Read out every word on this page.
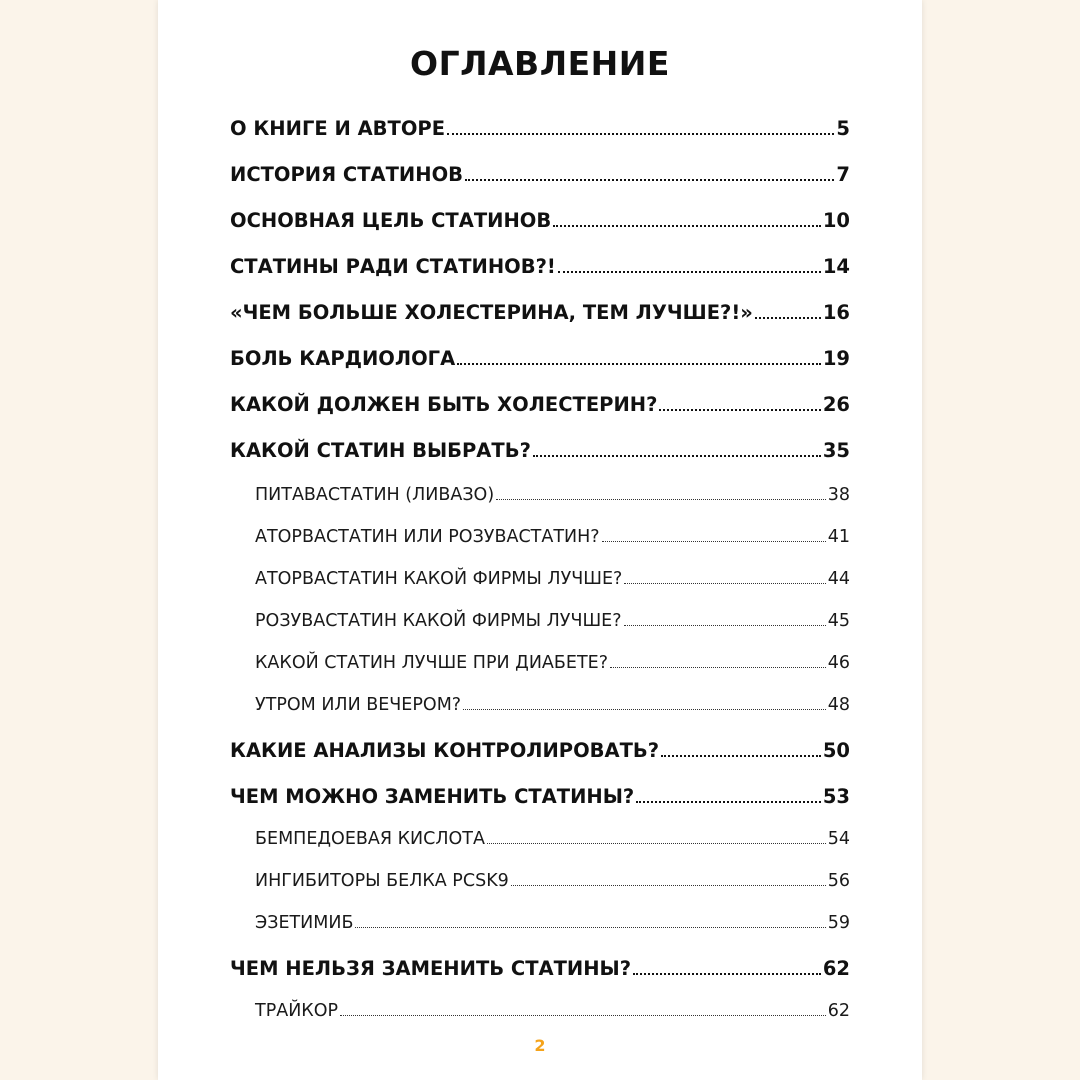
ОГЛАВЛЕНИЕ
О КНИГЕ И АВТОРЕ	5
ИСТОРИЯ СТАТИНОВ	7
ОСНОВНАЯ ЦЕЛЬ СТАТИНОВ	10
СТАТИНЫ РАДИ СТАТИНОВ?!	14
«ЧЕМ БОЛЬШЕ ХОЛЕСТЕРИНА, ТЕМ ЛУЧШЕ?!»	16
БОЛЬ КАРДИОЛОГА	19
КАКОЙ ДОЛЖЕН БЫТЬ ХОЛЕСТЕРИН?	26
КАКОЙ СТАТИН ВЫБРАТЬ?	35
ПИТАВАСТАТИН (ЛИВАЗО)	38
АТОРВАСТАТИН ИЛИ РОЗУВАСТАТИН?	41
АТОРВАСТАТИН КАКОЙ ФИРМЫ ЛУЧШЕ?	44
РОЗУВАСТАТИН КАКОЙ ФИРМЫ ЛУЧШЕ?	45
КАКОЙ СТАТИН ЛУЧШЕ ПРИ ДИАБЕТЕ?	46
УТРОМ ИЛИ ВЕЧЕРОМ?	48
КАКИЕ АНАЛИЗЫ КОНТРОЛИРОВАТЬ?	50
ЧЕМ МОЖНО ЗАМЕНИТЬ СТАТИНЫ?	53
БЕМПЕДОЕВАЯ КИСЛОТА	54
ИНГИБИТОРЫ БЕЛКА PCSK9	56
ЭЗЕТИМИБ	59
ЧЕМ НЕЛЬЗЯ ЗАМЕНИТЬ СТАТИНЫ?	62
ТРАЙКОР	62
2
